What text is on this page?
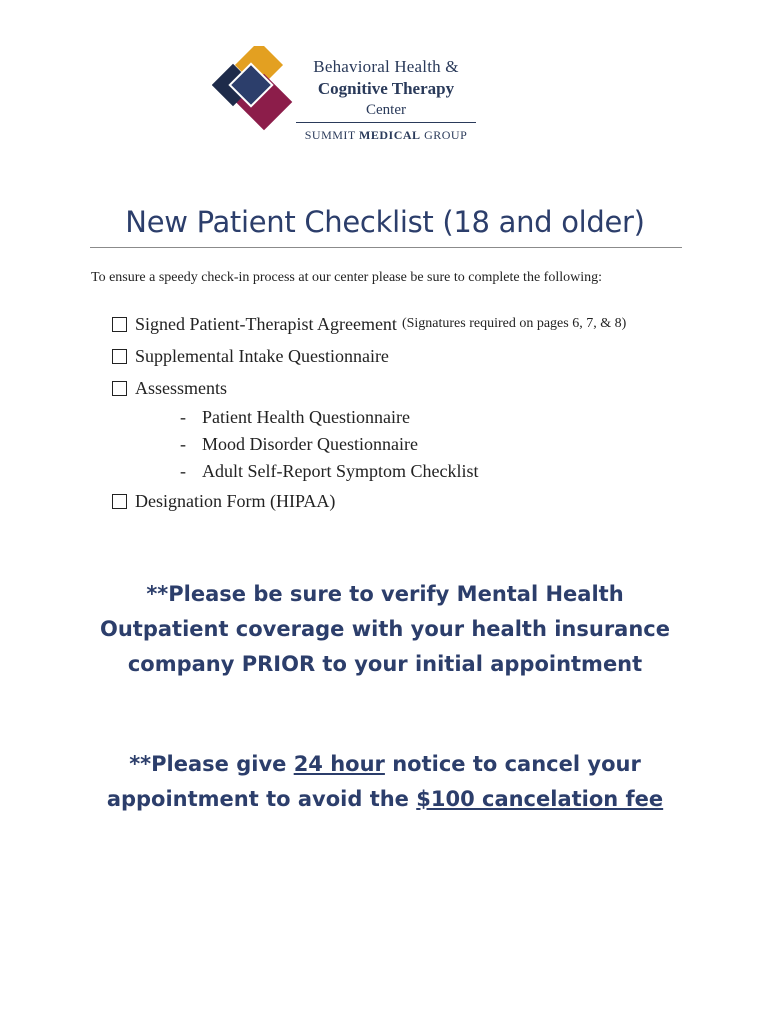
Behavioral Health &
Cognitive Therapy
Center
SUMMIT MEDICAL GROUP
New Patient Checklist (18 and older)
To ensure a speedy check-in process at our center please be sure to complete the following:
Signed Patient-Therapist Agreement (Signatures required on pages 6, 7, & 8)
Supplemental Intake Questionnaire
Assessments
- Patient Health Questionnaire
- Mood Disorder Questionnaire
- Adult Self-Report Symptom Checklist
Designation Form (HIPAA)
**Please be sure to verify Mental Health
Outpatient coverage with your health insurance
company PRIOR to your initial appointment
**Please give 24 hour notice to cancel your
appointment to avoid the $100 cancelation fee
